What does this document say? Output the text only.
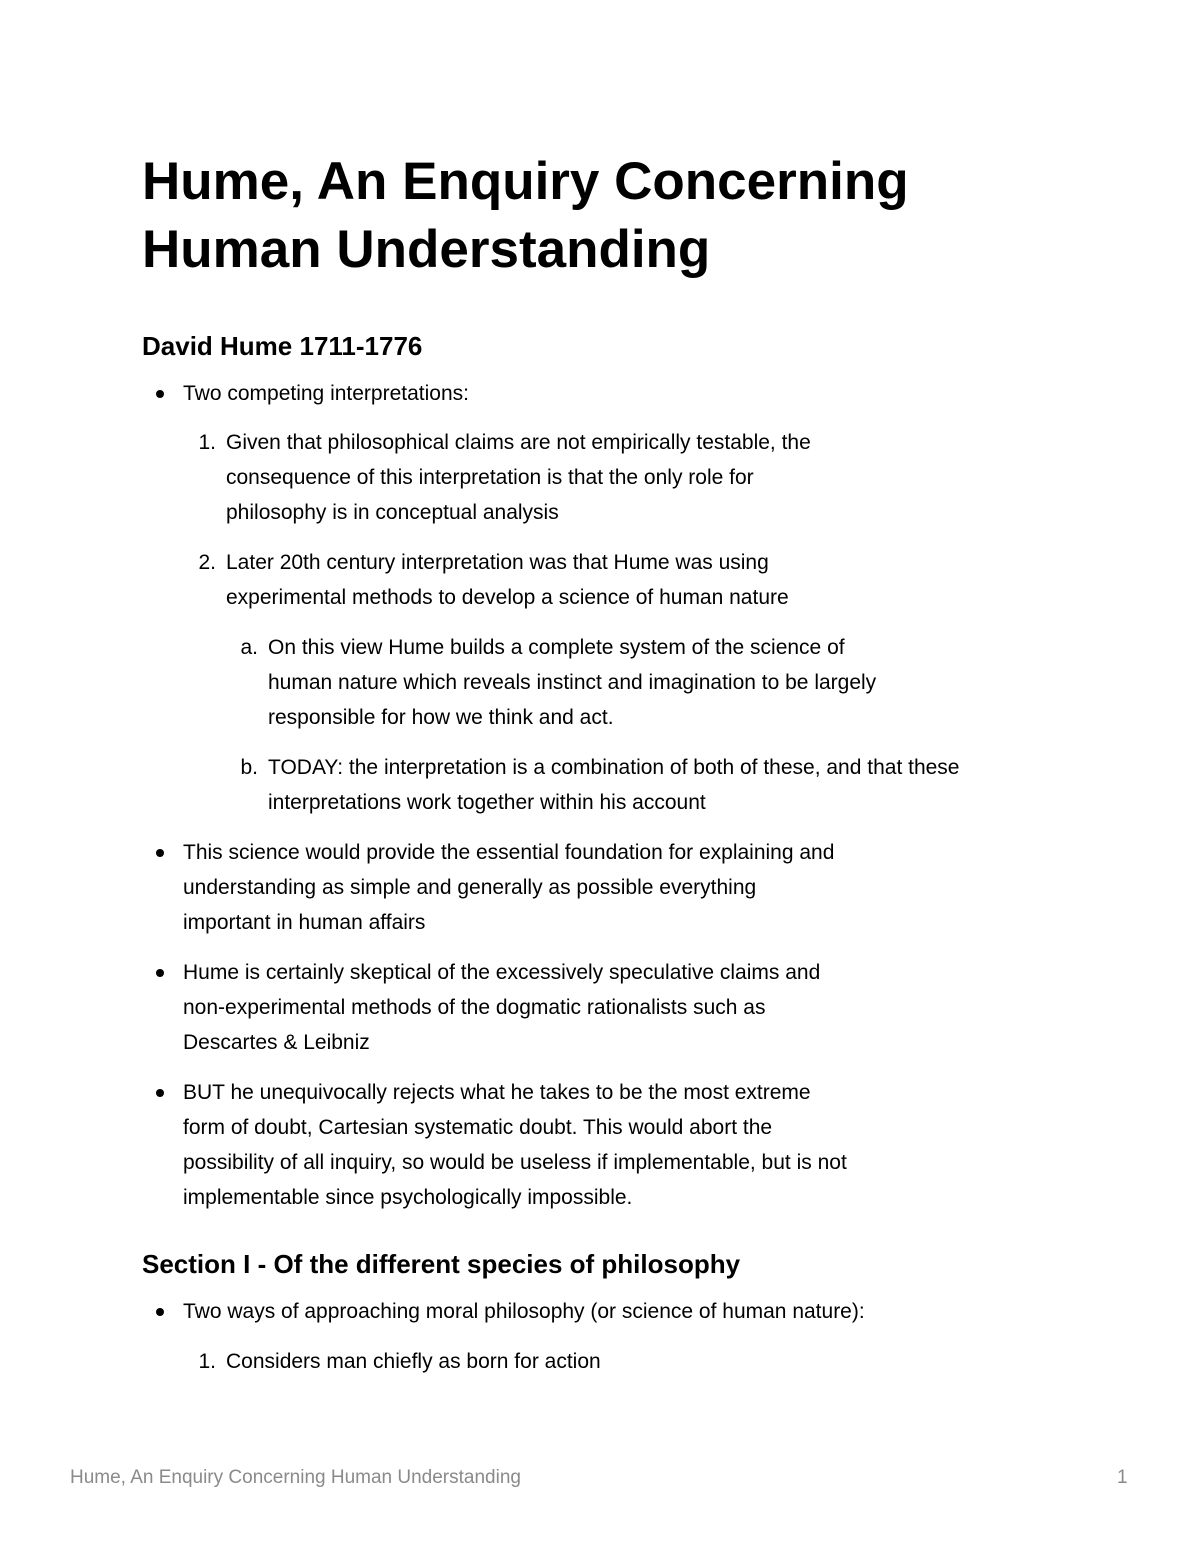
Hume, An Enquiry Concerning
Human Understanding
David Hume 1711-1776
Two competing interpretations:
1. Given that philosophical claims are not empirically testable, the
consequence of this interpretation is that the only role for
philosophy is in conceptual analysis
2. Later 20th century interpretation was that Hume was using
experimental methods to develop a science of human nature
a. On this view Hume builds a complete system of the science of
human nature which reveals instinct and imagination to be largely
responsible for how we think and act.
b. TODAY: the interpretation is a combination of both of these, and that these
interpretations work together within his account
This science would provide the essential foundation for explaining and
understanding as simple and generally as possible everything
important in human affairs
Hume is certainly skeptical of the excessively speculative claims and
non-experimental methods of the dogmatic rationalists such as
Descartes & Leibniz
BUT he unequivocally rejects what he takes to be the most extreme
form of doubt, Cartesian systematic doubt. This would abort the
possibility of all inquiry, so would be useless if implementable, but is not
implementable since psychologically impossible.
Section I - Of the different species of philosophy
Two ways of approaching moral philosophy (or science of human nature):
1. Considers man chiefly as born for action
Hume, An Enquiry Concerning Human Understanding	1
